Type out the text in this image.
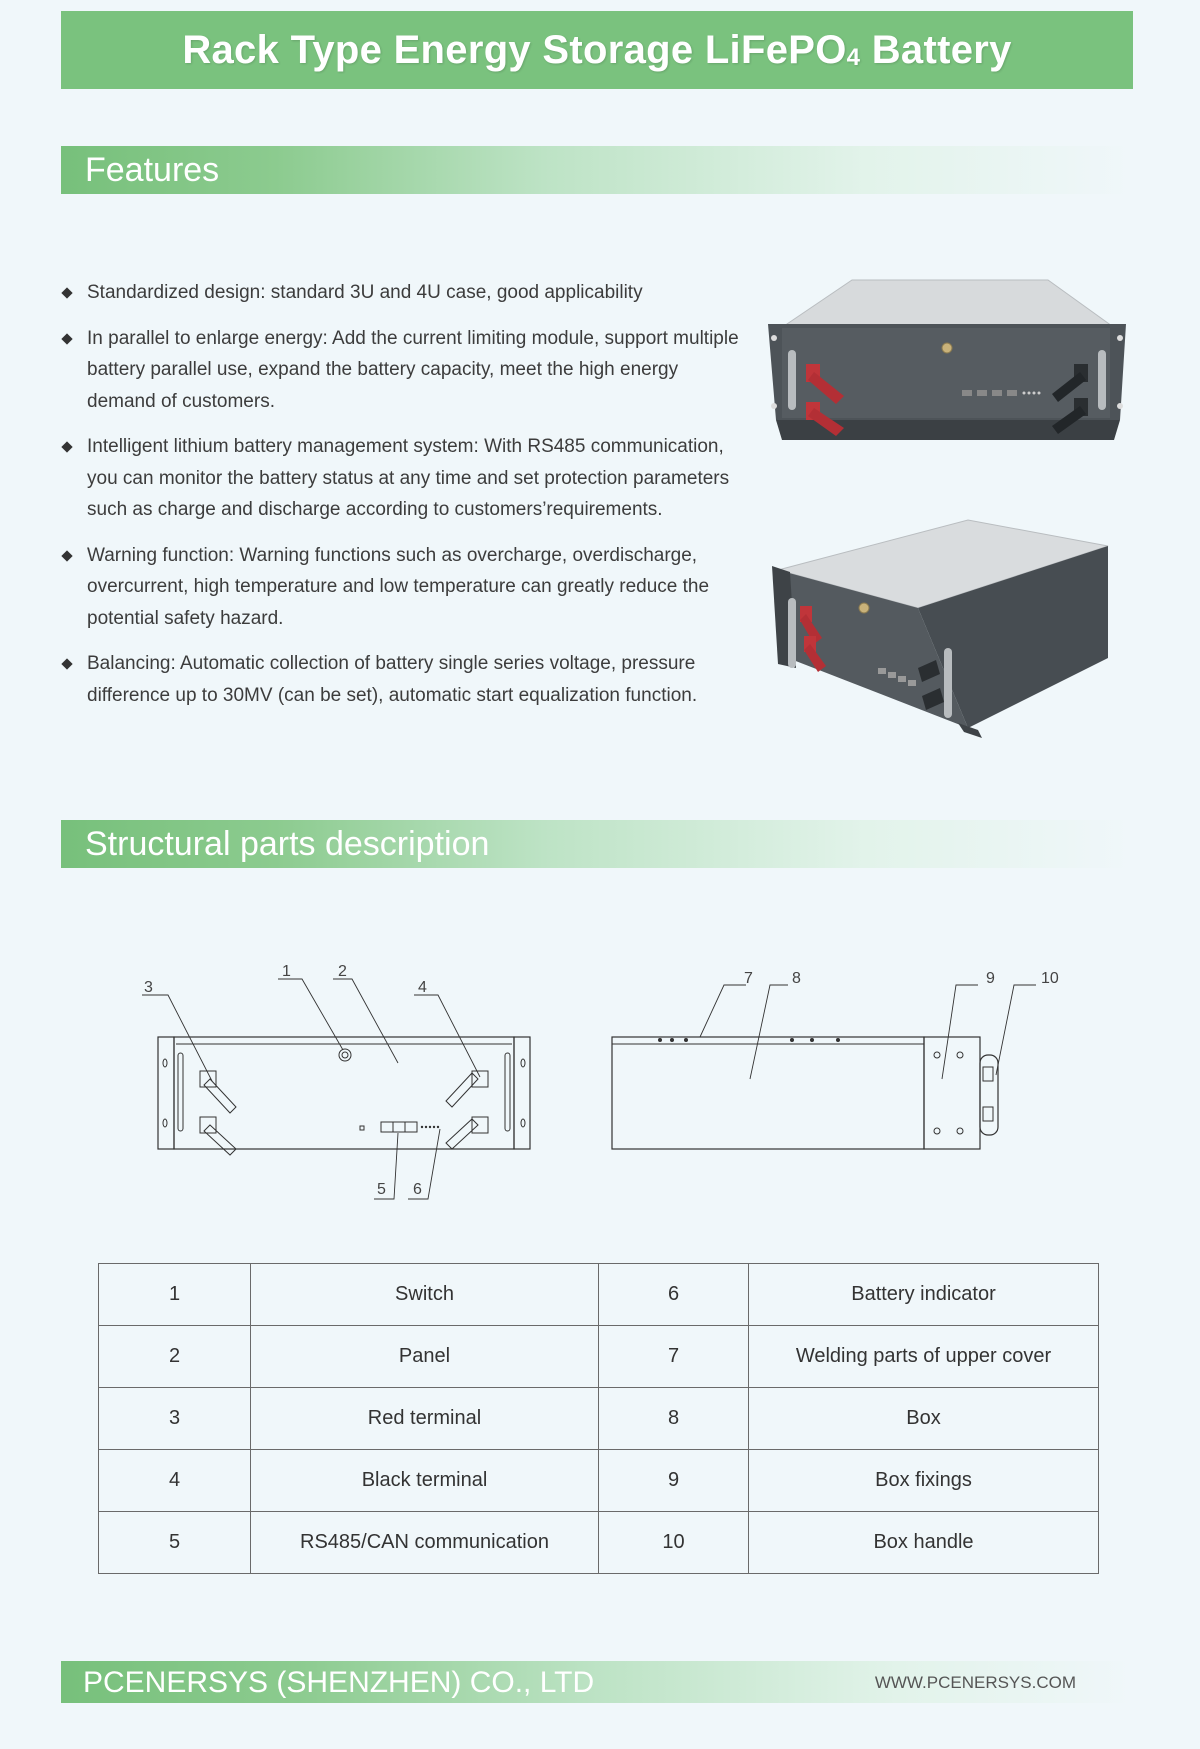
Rack Type Energy Storage LiFePO$_4$ Battery
Features
Standardized design: standard 3U and 4U case, good applicability
In parallel to enlarge energy: Add the current limiting module, support multiple battery parallel use, expand the battery capacity, meet the high energy demand of customers.
Intelligent lithium battery management system: With RS485 communication, you can monitor the battery status at any time and set protection parameters such as charge and discharge according to customers’requirements.
Warning function: Warning functions such as overcharge, overdischarge, overcurrent, high temperature and low temperature can greatly reduce the potential safety hazard.
Balancing: Automatic collection of battery single series voltage, pressure difference up to 30MV (can be set), automatic start equalization function.
Structural parts description
3
1	2
4
5 6
7 8	9	10
1	Switch	6	Battery indicator
2	Panel	7	Welding parts of upper cover
3	Red terminal	8	Box
4	Black terminal	9	Box fixings
5	RS485/CAN communication	10	Box handle
PCENERSYS (SHENZHEN) CO., LTD	WWW.PCENERSYS.COM
